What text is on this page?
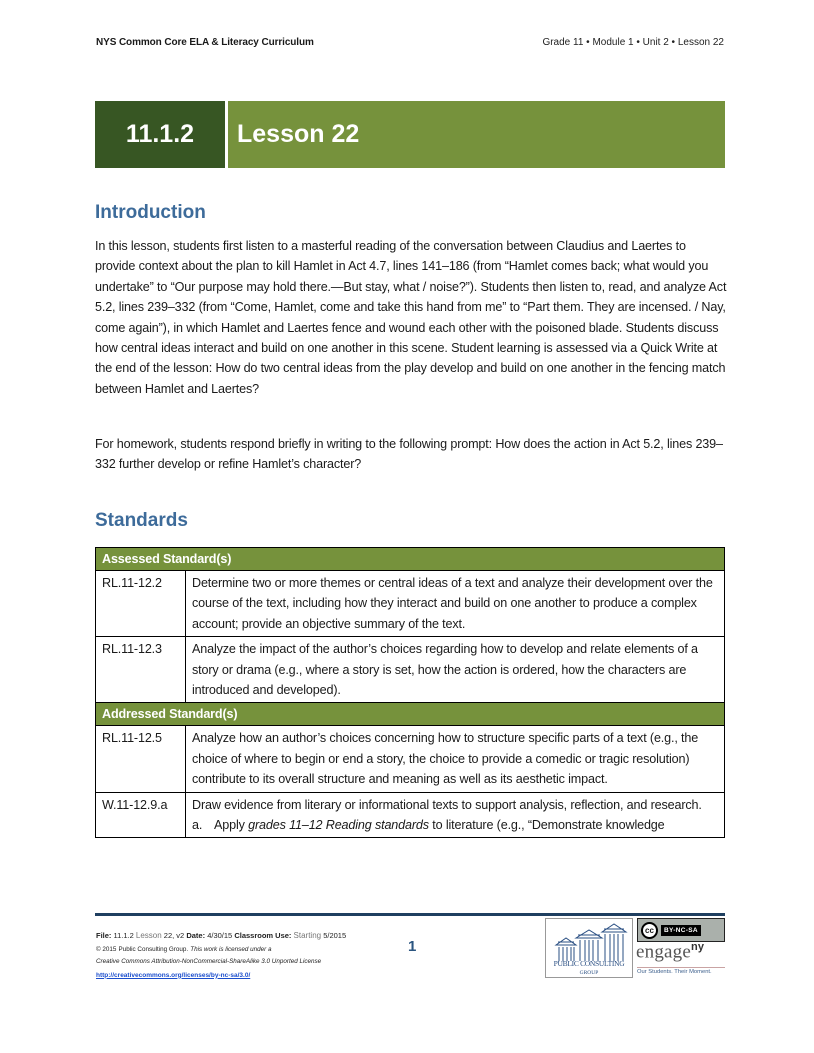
NYS Common Core ELA & Literacy Curriculum	Grade 11 • Module 1 • Unit 2 • Lesson 22
11.1.2	Lesson 22
Introduction

In this lesson, students first listen to a masterful reading of the conversation between Claudius and Laertes to provide context about the plan to kill Hamlet in Act 4.7, lines 141–186 (from “Hamlet comes back; what would you undertake” to “Our purpose may hold there.—But stay, what / noise?”). Students then listen to, read, and analyze Act 5.2, lines 239–332 (from “Come, Hamlet, come and take this hand from me” to “Part them. They are incensed. / Nay, come again”), in which Hamlet and Laertes fence and wound each other with the poisoned blade. Students discuss how central ideas interact and build on one another in this scene. Student learning is assessed via a Quick Write at the end of the lesson: How do two central ideas from the play develop and build on one another in the fencing match between Hamlet and Laertes?

For homework, students respond briefly in writing to the following prompt: How does the action in Act 5.2, lines 239–332 further develop or refine Hamlet’s character?

Standards
Assessed Standard(s)	
RL.11-12.2	Determine two or more themes or central ideas of a text and analyze their development over the course of the text, including how they interact and build on one another to produce a complex account; provide an objective summary of the text.
RL.11-12.3	Analyze the impact of the author’s choices regarding how to develop and relate elements of a story or drama (e.g., where a story is set, how the action is ordered, how the characters are introduced and developed).
Addressed Standard(s)	
RL.11-12.5	Analyze how an author’s choices concerning how to structure specific parts of a text (e.g., the choice of where to begin or end a story, the choice to provide a comedic or tragic resolution) contribute to its overall structure and meaning as well as its aesthetic impact.
W.11-12.9.a	Draw evidence from literary or informational texts to support analysis, reflection, and research.
a. Apply grades 11–12 Reading standards to literature (e.g., “Demonstrate knowledge
File: 11.1.2 Lesson 22, v2 Date: 4/30/15 Classroom Use: Starting 5/2015
© 2015 Public Consulting Group. This work is licensed under a
Creative Commons Attribution-NonCommercial-ShareAlike 3.0 Unported License
http://creativecommons.org/licenses/by-nc-sa/3.0/
1
PUBLIC CONSULTING
GROUP
cc	BY-NC-SA
engage$^{ny}$
Our Students. Their Moment.
